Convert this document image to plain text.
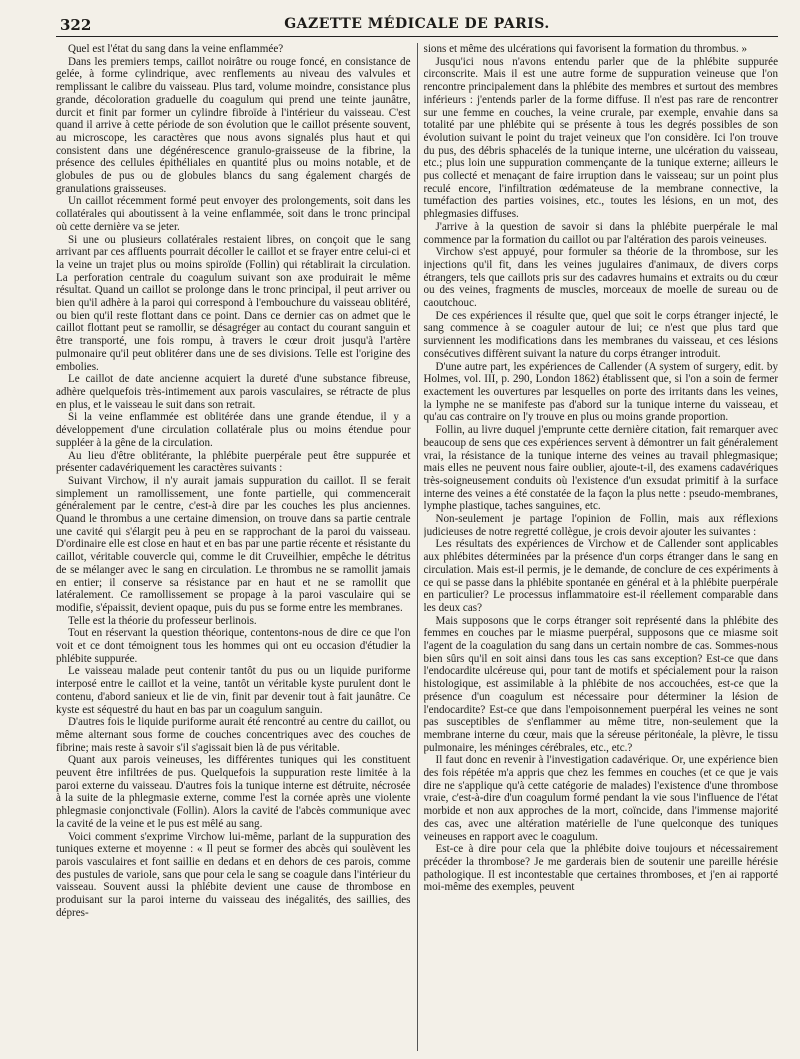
322	GAZETTE MÉDICALE DE PARIS.

Quel est l'état du sang dans la veine enflammée?

Dans les premiers temps, caillot noirâtre ou rouge foncé, en consistance de gelée, à forme cylindrique, avec renflements au niveau des valvules et remplissant le calibre du vaisseau. Plus tard, volume moindre, consistance plus grande, décoloration graduelle du coagulum qui prend une teinte jaunâtre, durcit et finit par former un cylindre fibroïde à l'intérieur du vaisseau. C'est quand il arrive à cette période de son évolution que le caillot présente souvent, au microscope, les caractères que nous avons signalés plus haut et qui consistent dans une dégénérescence granulo-graisseuse de la fibrine, la présence des cellules épithéliales en quantité plus ou moins notable, et de globules de pus ou de globules blancs du sang également chargés de granulations graisseuses.

Un caillot récemment formé peut envoyer des prolongements, soit dans les collatérales qui aboutissent à la veine enflammée, soit dans le tronc principal où cette dernière va se jeter.

Si une ou plusieurs collatérales restaient libres, on conçoit que le sang arrivant par ces affluents pourrait décoller le caillot et se frayer entre celui-ci et la veine un trajet plus ou moins spiroïde (Follin) qui rétablirait la circulation. La perforation centrale du coagulum suivant son axe produirait le même résultat. Quand un caillot se prolonge dans le tronc principal, il peut arriver ou bien qu'il adhère à la paroi qui correspond à l'embouchure du vaisseau oblitéré, ou bien qu'il reste flottant dans ce point. Dans ce dernier cas on admet que le caillot flottant peut se ramollir, se désagréger au contact du courant sanguin et être transporté, une fois rompu, à travers le cœur droit jusqu'à l'artère pulmonaire qu'il peut oblitérer dans une de ses divisions. Telle est l'origine des embolies.

Le caillot de date ancienne acquiert la dureté d'une substance fibreuse, adhère quelquefois très-intimement aux parois vasculaires, se rétracte de plus en plus, et le vaisseau le suit dans son retrait.

Si la veine enflammée est oblitérée dans une grande étendue, il y a développement d'une circulation collatérale plus ou moins étendue pour suppléer à la gêne de la circulation.

Au lieu d'être oblitérante, la phlébite puerpérale peut être suppurée et présenter cadavériquement les caractères suivants :

Suivant Virchow, il n'y aurait jamais suppuration du caillot. Il se ferait simplement un ramollissement, une fonte partielle, qui commencerait généralement par le centre, c'est-à dire par les couches les plus anciennes. Quand le thrombus a une certaine dimension, on trouve dans sa partie centrale une cavité qui s'élargit peu à peu en se rapprochant de la paroi du vaisseau. D'ordinaire elle est close en haut et en bas par une partie récente et résistante du caillot, véritable couvercle qui, comme le dit Cruveilhier, empêche le détritus de se mélanger avec le sang en circulation. Le thrombus ne se ramollit jamais en entier; il conserve sa résistance par en haut et ne se ramollit que latéralement. Ce ramollissement se propage à la paroi vasculaire qui se modifie, s'épaissit, devient opaque, puis du pus se forme entre les membranes.

Telle est la théorie du professeur berlinois.

Tout en réservant la question théorique, contentons-nous de dire ce que l'on voit et ce dont témoignent tous les hommes qui ont eu occasion d'étudier la phlébite suppurée.

Le vaisseau malade peut contenir tantôt du pus ou un liquide puriforme interposé entre le caillot et la veine, tantôt un véritable kyste purulent dont le contenu, d'abord sanieux et lie de vin, finit par devenir tout à fait jaunâtre. Ce kyste est séquestré du haut en bas par un coagulum sanguin.

D'autres fois le liquide puriforme aurait été rencontré au centre du caillot, ou même alternant sous forme de couches concentriques avec des couches de fibrine; mais reste à savoir s'il s'agissait bien là de pus véritable.

Quant aux parois veineuses, les différentes tuniques qui les constituent peuvent être infiltrées de pus. Quelquefois la suppuration reste limitée à la paroi externe du vaisseau. D'autres fois la tunique interne est détruite, nécrosée à la suite de la phlegmasie externe, comme l'est la cornée après une violente phlegmasie conjonctivale (Follin). Alors la cavité de l'abcès communique avec la cavité de la veine et le pus est mêlé au sang.

Voici comment s'exprime Virchow lui-même, parlant de la suppuration des tuniques externe et moyenne : « Il peut se former des abcès qui soulèvent les parois vasculaires et font saillie en dedans et en dehors de ces parois, comme des pustules de variole, sans que pour cela le sang se coagule dans l'intérieur du vaisseau. Souvent aussi la phlébite devient une cause de thrombose en produisant sur la paroi interne du vaisseau des inégalités, des saillies, des dépres-

sions et même des ulcérations qui favorisent la formation du thrombus. »

Jusqu'ici nous n'avons entendu parler que de la phlébite suppurée circonscrite. Mais il est une autre forme de suppuration veineuse que l'on rencontre principalement dans la phlébite des membres et surtout des membres inférieurs : j'entends parler de la forme diffuse. Il n'est pas rare de rencontrer sur une femme en couches, la veine crurale, par exemple, envahie dans sa totalité par une phlébite qui se présente à tous les degrés possibles de son évolution suivant le point du trajet veineux que l'on considère. Ici l'on trouve du pus, des débris sphacelés de la tunique interne, une ulcération du vaisseau, etc.; plus loin une suppuration commençante de la tunique externe; ailleurs le pus collecté et menaçant de faire irruption dans le vaisseau; sur un point plus reculé encore, l'infiltration œdémateuse de la membrane connective, la tuméfaction des parties voisines, etc., toutes les lésions, en un mot, des phlegmasies diffuses.

J'arrive à la question de savoir si dans la phlébite puerpérale le mal commence par la formation du caillot ou par l'altération des parois veineuses.

Virchow s'est appuyé, pour formuler sa théorie de la thrombose, sur les injections qu'il fit, dans les veines jugulaires d'animaux, de divers corps étrangers, tels que caillots pris sur des cadavres humains et extraits ou du cœur ou des veines, fragments de muscles, morceaux de moelle de sureau ou de caoutchouc.

De ces expériences il résulte que, quel que soit le corps étranger injecté, le sang commence à se coaguler autour de lui; ce n'est que plus tard que surviennent les modifications dans les membranes du vaisseau, et ces lésions consécutives diffèrent suivant la nature du corps étranger introduit.

D'une autre part, les expériences de Callender (A system of surgery, edit. by Holmes, vol. III, p. 290, London 1862) établissent que, si l'on a soin de fermer exactement les ouvertures par lesquelles on porte des irritants dans les veines, la lymphe ne se manifeste pas d'abord sur la tunique interne du vaisseau, et qu'au cas contraire on l'y trouve en plus ou moins grande proportion.

Follin, au livre duquel j'emprunte cette dernière citation, fait remarquer avec beaucoup de sens que ces expériences servent à démontrer un fait généralement vrai, la résistance de la tunique interne des veines au travail phlegmasique; mais elles ne peuvent nous faire oublier, ajoute-t-il, des examens cadavériques très-soigneusement conduits où l'existence d'un exsudat primitif à la surface interne des veines a été constatée de la façon la plus nette : pseudo-membranes, lymphe plastique, taches sanguines, etc.

Non-seulement je partage l'opinion de Follin, mais aux réflexions judicieuses de notre regretté collègue, je crois devoir ajouter les suivantes :

Les résultats des expériences de Virchow et de Callender sont applicables aux phlébites déterminées par la présence d'un corps étranger dans le sang en circulation. Mais est-il permis, je le demande, de conclure de ces expériments à ce qui se passe dans la phlébite spontanée en général et à la phlébite puerpérale en particulier? Le processus inflammatoire est-il réellement comparable dans les deux cas?

Mais supposons que le corps étranger soit représenté dans la phlébite des femmes en couches par le miasme puerpéral, supposons que ce miasme soit l'agent de la coagulation du sang dans un certain nombre de cas. Sommes-nous bien sûrs qu'il en soit ainsi dans tous les cas sans exception? Est-ce que dans l'endocardite ulcéreuse qui, pour tant de motifs et spécialement pour la raison histologique, est assimilable à la phlébite de nos accouchées, est-ce que la présence d'un coagulum est nécessaire pour déterminer la lésion de l'endocardite? Est-ce que dans l'empoisonnement puerpéral les veines ne sont pas susceptibles de s'enflammer au même titre, non-seulement que la membrane interne du cœur, mais que la séreuse péritonéale, la plèvre, le tissu pulmonaire, les méninges cérébrales, etc., etc.?

Il faut donc en revenir à l'investigation cadavérique. Or, une expérience bien des fois répétée m'a appris que chez les femmes en couches (et ce que je vais dire ne s'applique qu'à cette catégorie de malades) l'existence d'une thrombose vraie, c'est-à-dire d'un coagulum formé pendant la vie sous l'influence de l'état morbide et non aux approches de la mort, coïncide, dans l'immense majorité des cas, avec une altération matérielle de l'une quelconque des tuniques veineuses en rapport avec le coagulum.

Est-ce à dire pour cela que la phlébite doive toujours et nécessairement précéder la thrombose? Je me garderais bien de soutenir une pareille hérésie pathologique. Il est incontestable que certaines thromboses, et j'en ai rapporté moi-même des exemples, peuvent
